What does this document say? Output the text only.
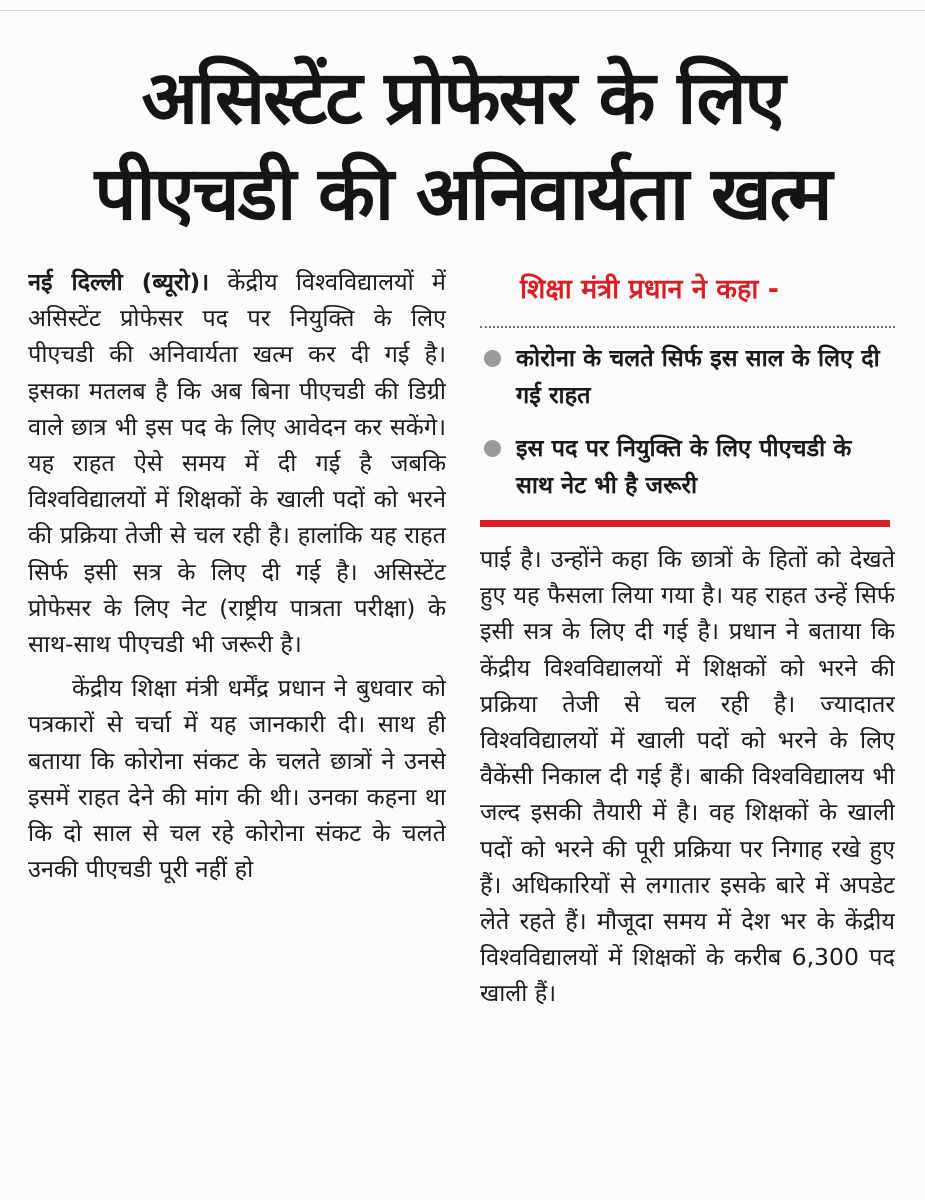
असिस्टेंट प्रोफेसर के लिए
पीएचडी की अनिवार्यता खत्म

नई दिल्ली (ब्यूरो)। केंद्रीय विश्वविद्यालयों में असिस्टेंट प्रोफेसर पद पर नियुक्ति के लिए पीएचडी की अनिवार्यता खत्म कर दी गई है। इसका मतलब है कि अब बिना पीएचडी की डिग्री वाले छात्र भी इस पद के लिए आवेदन कर सकेंगे। यह राहत ऐसे समय में दी गई है जबकि विश्वविद्यालयों में शिक्षकों के खाली पदों को भरने की प्रक्रिया तेजी से चल रही है। हालांकि यह राहत सिर्फ इसी सत्र के लिए दी गई है। असिस्टेंट प्रोफेसर के लिए नेट (राष्ट्रीय पात्रता परीक्षा) के साथ-साथ पीएचडी भी जरूरी है।

केंद्रीय शिक्षा मंत्री धर्मेंद्र प्रधान ने बुधवार को पत्रकारों से चर्चा में यह जानकारी दी। साथ ही बताया कि कोरोना संकट के चलते छात्रों ने उनसे इसमें राहत देने की मांग की थी। उनका कहना था कि दो साल से चल रहे कोरोना संकट के चलते उनकी पीएचडी पूरी नहीं हो

शिक्षा मंत्री प्रधान ने कहा -
कोरोना के चलते सिर्फ इस साल के लिए दी गई राहत
इस पद पर नियुक्ति के लिए पीएचडी के साथ नेट भी है जरूरी

पाई है। उन्होंने कहा कि छात्रों के हितों को देखते हुए यह फैसला लिया गया है। यह राहत उन्हें सिर्फ इसी सत्र के लिए दी गई है। प्रधान ने बताया कि केंद्रीय विश्वविद्यालयों में शिक्षकों को भरने की प्रक्रिया तेजी से चल रही है। ज्यादातर विश्वविद्यालयों में खाली पदों को भरने के लिए वैकेंसी निकाल दी गई हैं। बाकी विश्वविद्यालय भी जल्द इसकी तैयारी में है। वह शिक्षकों के खाली पदों को भरने की पूरी प्रक्रिया पर निगाह रखे हुए हैं। अधिकारियों से लगातार इसके बारे में अपडेट लेते रहते हैं। मौजूदा समय में देश भर के केंद्रीय विश्वविद्यालयों में शिक्षकों के करीब 6,300 पद खाली हैं।
